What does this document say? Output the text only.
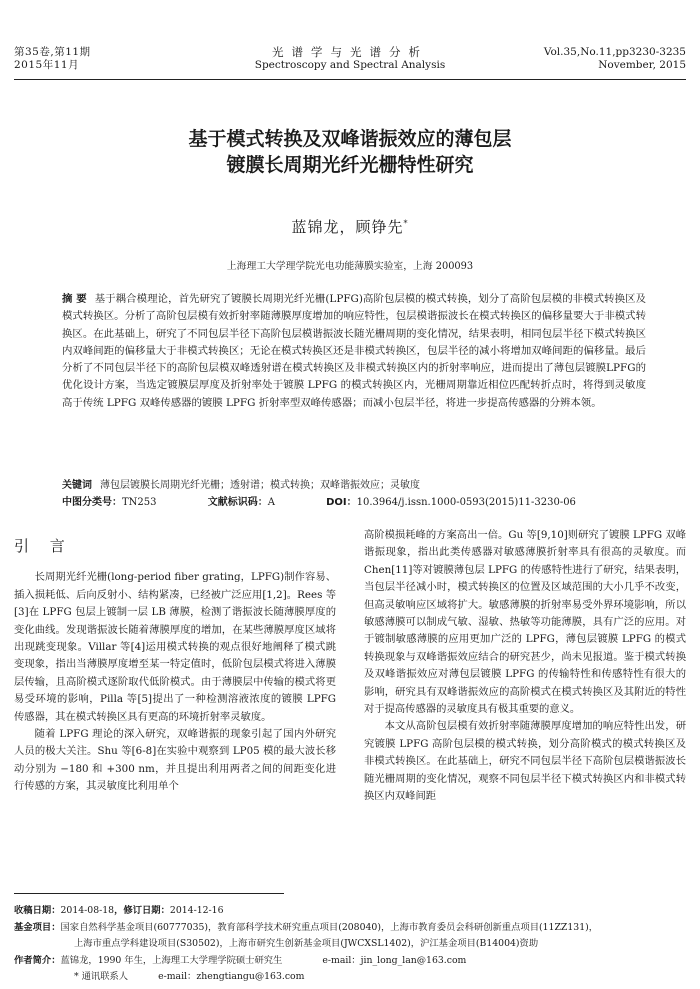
第35卷,第11期
2015年11月
光谱学与光谱分析
Spectroscopy and Spectral Analysis
Vol.35,No.11,pp3230-3235
November, 2015
基于模式转换及双峰谐振效应的薄包层
镀膜长周期光纤光栅特性研究
蓝锦龙，顾铮先*
上海理工大学理学院光电功能薄膜实验室，上海 200093
摘 要 基于耦合模理论，首先研究了镀膜长周期光纤光栅(LPFG)高阶包层模的模式转换，划分了高阶包层模的非模式转换区及模式转换区。分析了高阶包层模有效折射率随薄膜厚度增加的响应特性，包层模谐振波长在模式转换区的偏移量要大于非模式转换区。在此基础上，研究了不同包层半径下高阶包层模谐振波长随光栅周期的变化情况，结果表明，相同包层半径下模式转换区内双峰间距的偏移量大于非模式转换区；无论在模式转换区还是非模式转换区，包层半径的减小将增加双峰间距的偏移量。最后分析了不同包层半径下的高阶包层模双峰透射谱在模式转换区及非模式转换区内的折射率响应，进而提出了薄包层镀膜LPFG的优化设计方案，当选定镀膜层厚度及折射率处于镀膜 LPFG 的模式转换区内，光栅周期靠近相位匹配转折点时，将得到灵敏度高于传统 LPFG 双峰传感器的镀膜 LPFG 折射率型双峰传感器；而减小包层半径，将进一步提高传感器的分辨本领。
关键词 薄包层镀膜长周期光纤光栅；透射谱；模式转换；双峰谐振效应；灵敏度
中图分类号：TN253	文献标识码：A	DOI：10.3964/j.issn.1000-0593(2015)11-3230-06
引 言

长周期光纤光栅(long-period fiber grating，LPFG)制作容易、插入损耗低、后向反射小、结构紧凑，已经被广泛应用[1,2]。Rees 等[3]在 LPFG 包层上镀制一层 LB 薄膜，检测了谐振波长随薄膜厚度的变化曲线。发现谐振波长随着薄膜厚度的增加，在某些薄膜厚度区域将出现跳变现象。Villar 等[4]运用模式转换的观点很好地阐释了模式跳变现象，指出当薄膜厚度增至某一特定值时，低阶包层模式将进入薄膜层传输，且高阶模式逐阶取代低阶模式。由于薄膜层中传输的模式将更易受环境的影响，Pilla 等[5]提出了一种检测溶液浓度的镀膜 LPFG 传感器，其在模式转换区具有更高的环境折射率灵敏度。

随着 LPFG 理论的深入研究，双峰谐振的现象引起了国内外研究人员的极大关注。Shu 等[6-8]在实验中观察到 LP05 模的最大波长移动分别为 −180 和 +300 nm，并且提出利用两者之间的间距变化进行传感的方案，其灵敏度比利用单个

高阶模损耗峰的方案高出一倍。Gu 等[9,10]则研究了镀膜 LPFG 双峰谐振现象，指出此类传感器对敏感薄膜折射率具有很高的灵敏度。而 Chen[11]等对镀膜薄包层 LPFG 的传感特性进行了研究，结果表明，当包层半径减小时，模式转换区的位置及区域范围的大小几乎不改变，但高灵敏响应区域将扩大。敏感薄膜的折射率易受外界环境影响，所以敏感薄膜可以制成气敏、湿敏、热敏等功能薄膜，具有广泛的应用。对于镀制敏感薄膜的应用更加广泛的 LPFG，薄包层镀膜 LPFG 的模式转换现象与双峰谐振效应结合的研究甚少，尚未见报道。鉴于模式转换及双峰谐振效应对薄包层镀膜 LPFG 的传输特性和传感特性有很大的影响，研究具有双峰谐振效应的高阶模式在模式转换区及其附近的特性对于提高传感器的灵敏度具有极其重要的意义。

本文从高阶包层模有效折射率随薄膜厚度增加的响应特性出发，研究镀膜 LPFG 高阶包层模的模式转换，划分高阶模式的模式转换区及非模式转换区。在此基础上，研究不同包层半径下高阶包层模谐振波长随光栅周期的变化情况，观察不同包层半径下模式转换区内和非模式转换区内双峰间距

收稿日期：2014-08-18，修订日期：2014-12-16
基金项目：国家自然科学基金项目(60777035)，教育部科学技术研究重点项目(208040)，上海市教育委员会科研创新重点项目(11ZZ131)，
上海市重点学科建设项目(S30502)，上海市研究生创新基金项目(JWCXSL1402)，沪江基金项目(B14004)资助
作者简介：蓝锦龙，1990 年生，上海理工大学理学院硕士研究生	e-mail：jin_long_lan@163.com
* 通讯联系人	e-mail：zhengtiangu@163.com
